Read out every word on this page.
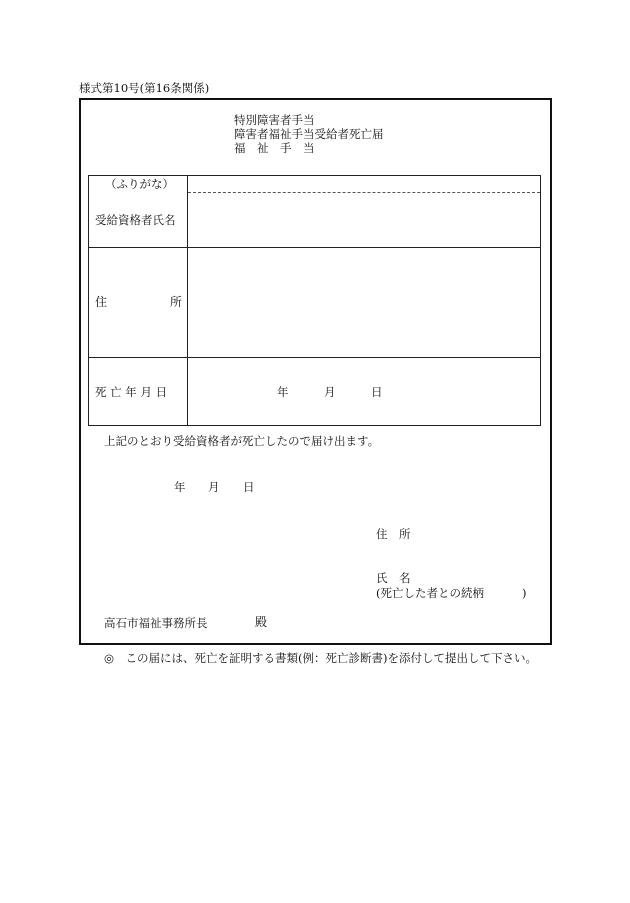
様式第10号(第16条関係)
特別障害者手当
障害者福祉手当受給者死亡届
福　祉　手　当
（ふりがな）
受給資格者氏名
住	所
死 亡 年 月 日	年	月	日
上記のとおり受給資格者が死亡したので届け出ます。
年 月 日
住　所
氏　名
(死亡した者との続柄	)
高石市福祉事務所長	殿
◎　この届には、死亡を証明する書類(例：死亡診断書)を添付して提出して下さい。
